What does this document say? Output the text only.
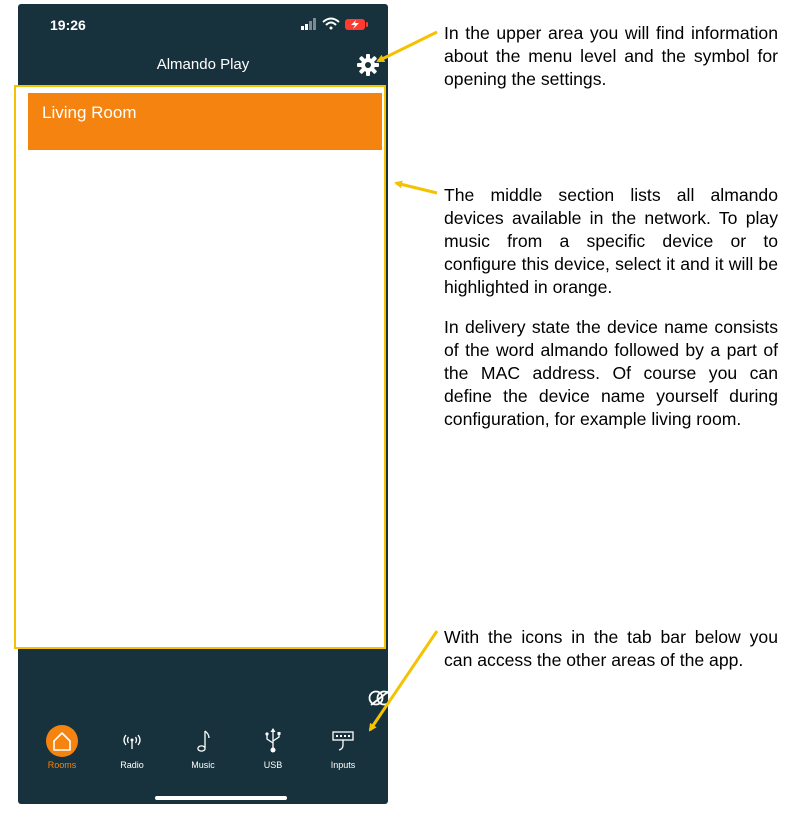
19:26
Almando Play
Rooms	Radio	Music	USB	Inputs
Living Room
In the upper area you will find information about the menu level and the symbol for opening the settings.
The middle section lists all almando devices available in the network. To play music from a specific device or to configure this device, select it and it will be highlighted in orange.
In delivery state the device name consists of the word almando followed by a part of the MAC address. Of course you can define the device name yourself during configuration, for example living room.
With the icons in the tab bar below you can access the other areas of the app.
